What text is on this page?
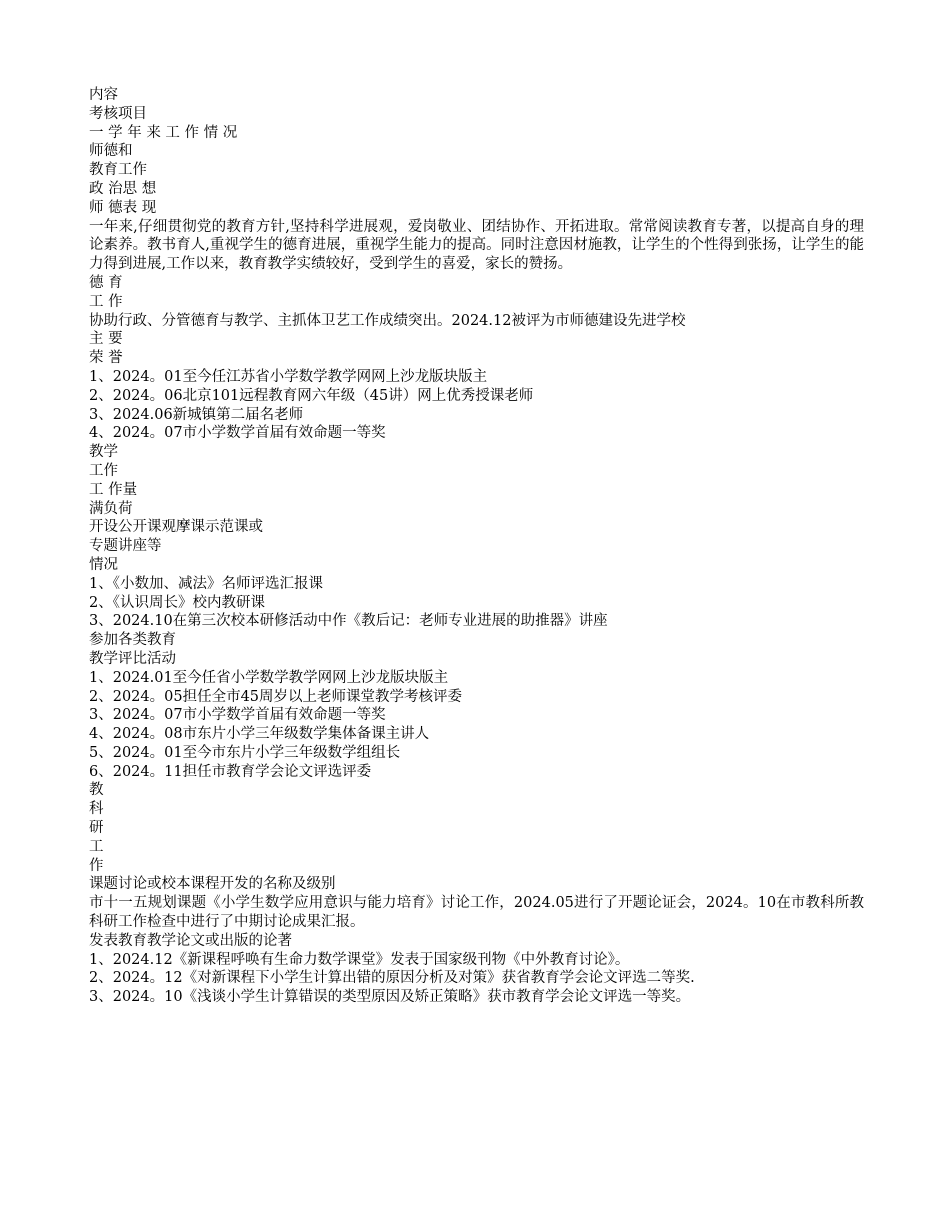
内容

考核项目

一 学 年 来 工 作 情 况

师德和

教育工作

政 治思 想

师 德表 现

一年来,仔细贯彻党的教育方针,坚持科学进展观，爱岗敬业、团结协作、开拓进取。常常阅读教育专著，以提高自身的理论素养。教书育人,重视学生的德育进展，重视学生能力的提高。同时注意因材施教，让学生的个性得到张扬，让学生的能力得到进展,工作以来，教育教学实绩较好，受到学生的喜爱，家长的赞扬。

德 育

工 作

协助行政、分管德育与教学、主抓体卫艺工作成绩突出。2024.12被评为市师德建设先进学校

主 要

荣 誉

1、2024。01至今任江苏省小学数学教学网网上沙龙版块版主

2、2024。06北京101远程教育网六年级（45讲）网上优秀授课老师

3、2024.06新城镇第二届名老师

4、2024。07市小学数学首届有效命题一等奖

教学

工作

工 作量

满负荷

开设公开课观摩课示范课或

专题讲座等

情况

1、《小数加、减法》名师评选汇报课

2、《认识周长》校内教研课

3、2024.10在第三次校本研修活动中作《教后记：老师专业进展的助推器》讲座

参加各类教育

教学评比活动

1、2024.01至今任省小学数学教学网网上沙龙版块版主

2、2024。05担任全市45周岁以上老师课堂教学考核评委

3、2024。07市小学数学首届有效命题一等奖

4、2024。08市东片小学三年级数学集体备课主讲人

5、2024。01至今市东片小学三年级数学组组长

6、2024。11担任市教育学会论文评选评委

教

科

研

工

作

课题讨论或校本课程开发的名称及级别

市十一五规划课题《小学生数学应用意识与能力培育》讨论工作，2024.05进行了开题论证会，2024。10在市教科所教科研工作检查中进行了中期讨论成果汇报。

发表教育教学论文或出版的论著

1、2024.12《新课程呼唤有生命力数学课堂》发表于国家级刊物《中外教育讨论》。

2、2024。12《对新课程下小学生计算出错的原因分析及对策》获省教育学会论文评选二等奖.

3、2024。10《浅谈小学生计算错误的类型原因及矫正策略》获市教育学会论文评选一等奖。
